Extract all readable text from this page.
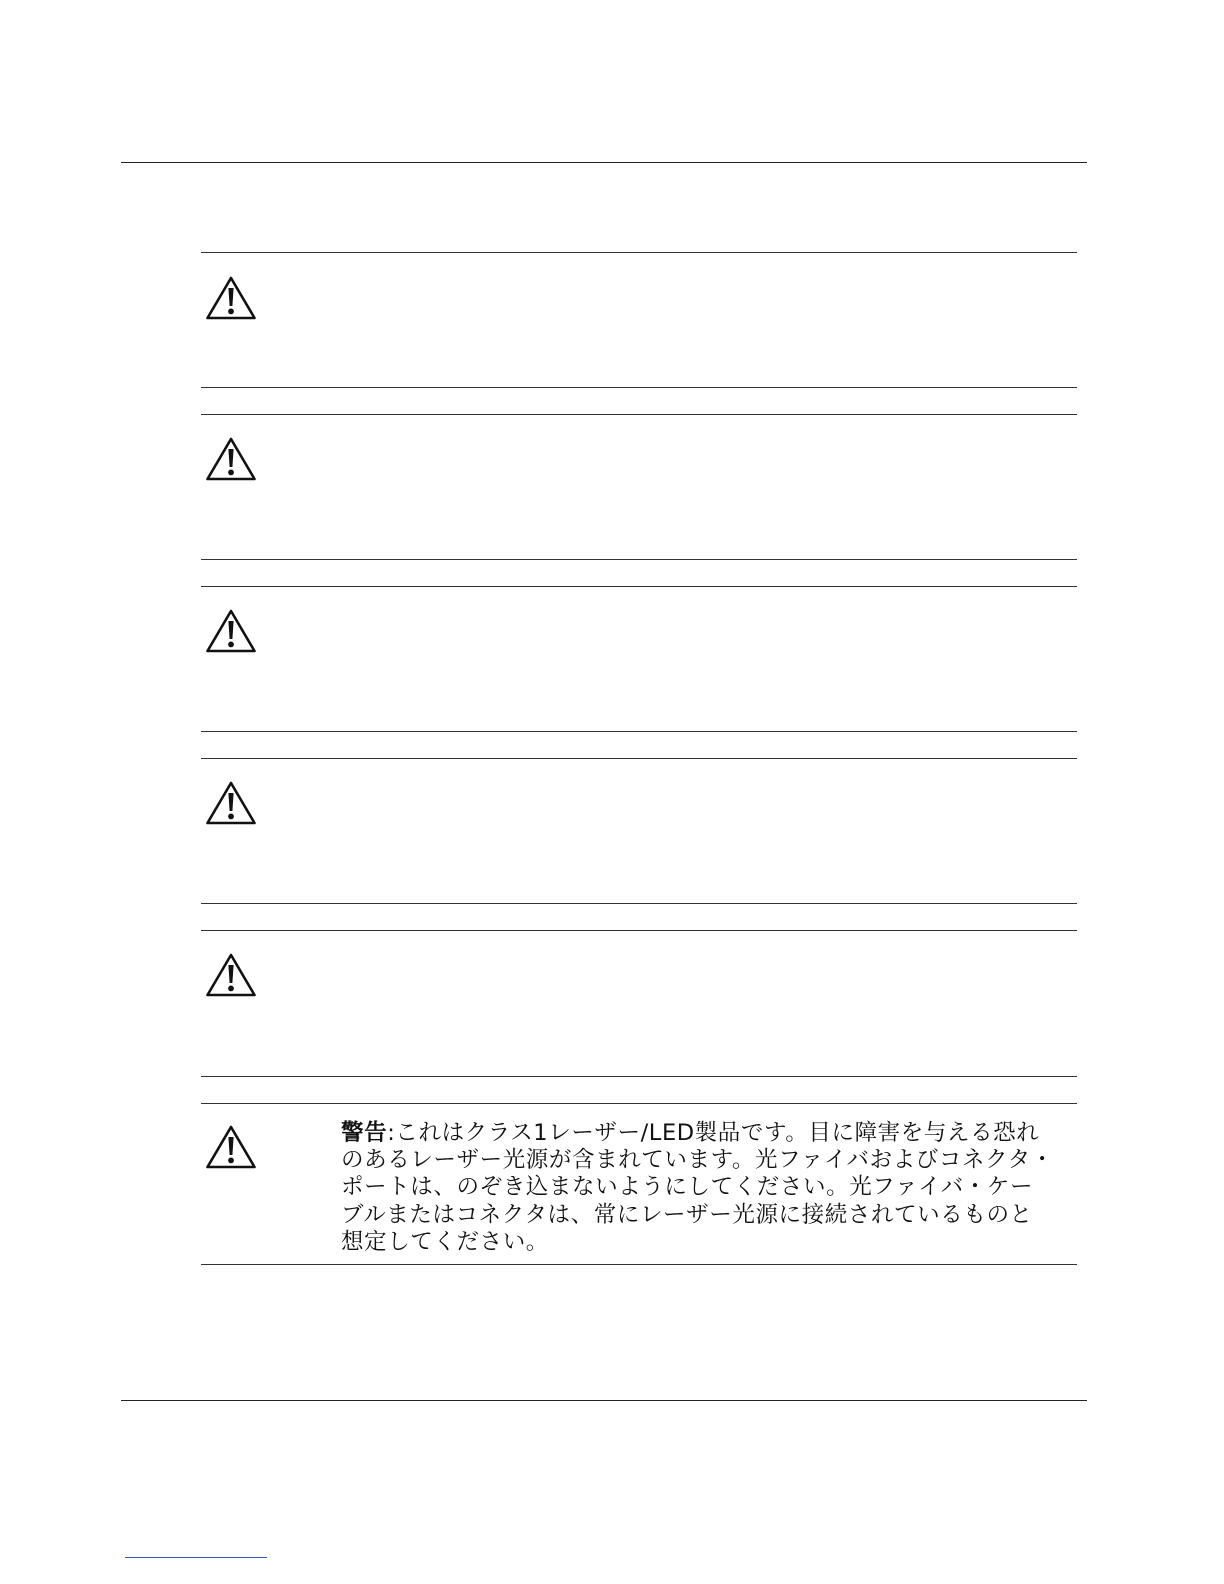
警告:これはクラス1レーザー/LED製品です。目に障害を与える恐れ
のあるレーザー光源が含まれています。光ファイバおよびコネクタ・
ポートは、のぞき込まないようにしてください。光ファイバ・ケー
ブルまたはコネクタは、常にレーザー光源に接続されているものと
想定してください。
